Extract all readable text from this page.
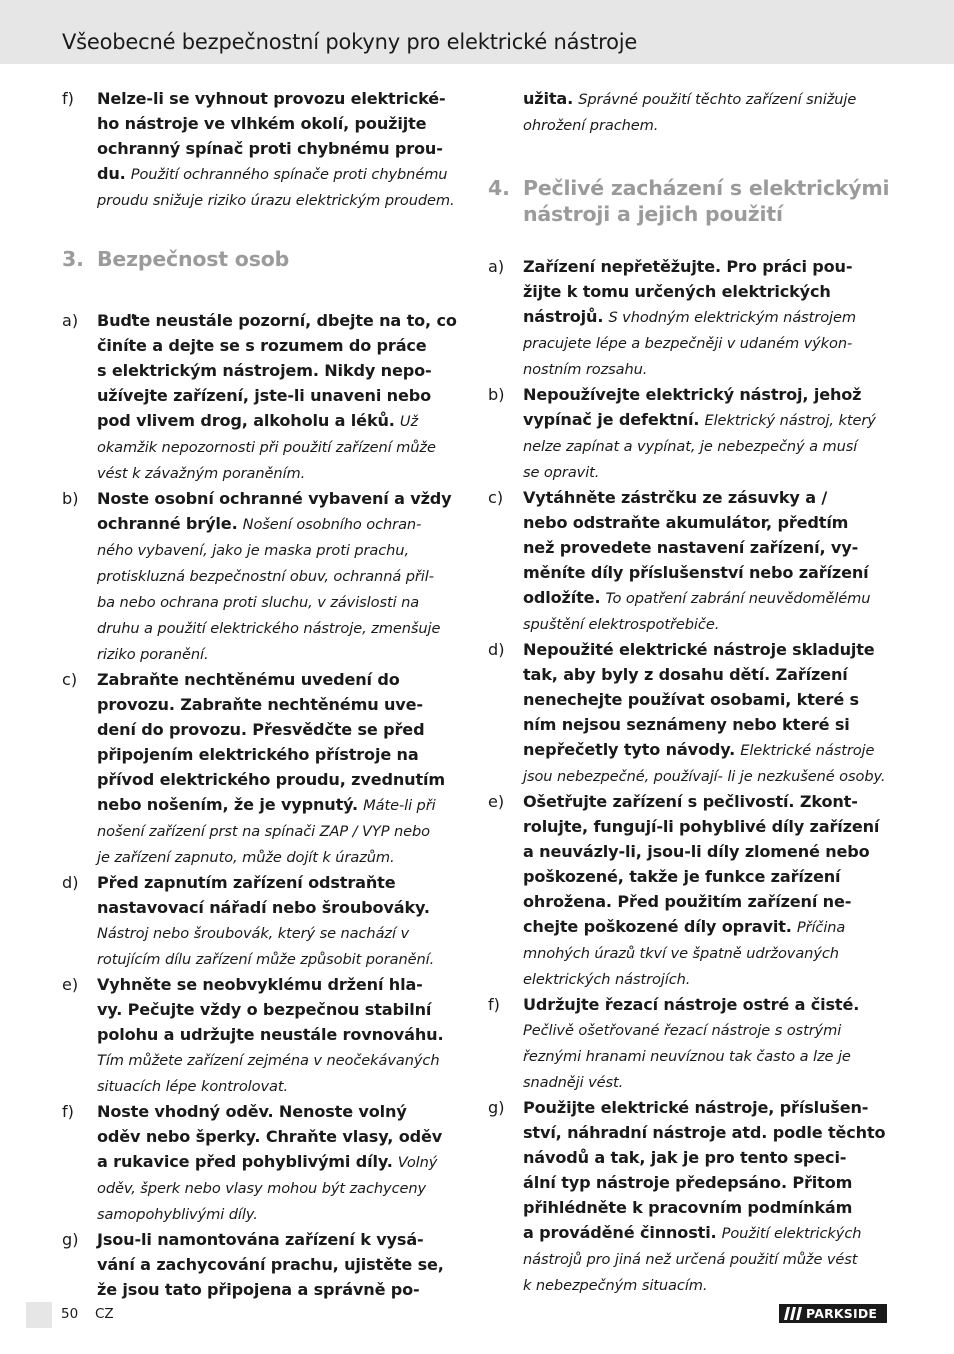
Všeobecné bezpečnostní pokyny pro elektrické nástroje
f) Nelze-li se vyhnout provozu elektrické-
ho nástroje ve vlhkém okolí, použijte
ochranný spínač proti chybnému prou-
du. Použití ochranného spínače proti chybnému
proudu snižuje riziko úrazu elektrickým proudem.
3. Bezpečnost osob
a) Buďte neustále pozorní, dbejte na to, co
činíte a dejte se s rozumem do práce
s elektrickým nástrojem. Nikdy nepo-
užívejte zařízení, jste-li unaveni nebo
pod vlivem drog, alkoholu a léků. Už
okamžik nepozornosti při použití zařízení může
vést k závažným poraněním.
b) Noste osobní ochranné vybavení a vždy
ochranné brýle. Nošení osobního ochran-
ného vybavení, jako je maska proti prachu,
protiskluzná bezpečnostní obuv, ochranná přil-
ba nebo ochrana proti sluchu, v závislosti na
druhu a použití elektrického nástroje, zmenšuje
riziko poranění.
c) Zabraňte nechtěnému uvedení do
provozu. Zabraňte nechtěnému uve-
dení do provozu. Přesvědčte se před
připojením elektrického přístroje na
přívod elektrického proudu, zvednutím
nebo nošením, že je vypnutý. Máte-li při
nošení zařízení prst na spínači ZAP / VYP nebo
je zařízení zapnuto, může dojít k úrazům.
d) Před zapnutím zařízení odstraňte
nastavovací nářadí nebo šroubováky.
Nástroj nebo šroubovák, který se nachází v
rotujícím dílu zařízení může způsobit poranění.
e) Vyhněte se neobvyklému držení hla-
vy. Pečujte vždy o bezpečnou stabilní
polohu a udržujte neustále rovnováhu.
Tím můžete zařízení zejména v neočekávaných
situacích lépe kontrolovat.
f) Noste vhodný oděv. Nenoste volný
oděv nebo šperky. Chraňte vlasy, oděv
a rukavice před pohyblivými díly. Volný
oděv, šperk nebo vlasy mohou být zachyceny
samopohyblivými díly.
g) Jsou-li namontována zařízení k vysá-
vání a zachycování prachu, ujistěte se,
že jsou tato připojena a správně po-
užita. Správné použití těchto zařízení snižuje
ohrožení prachem.
4. Pečlivé zacházení s elektrickými
nástroji a jejich použití
a) Zařízení nepřetěžujte. Pro práci pou-
žijte k tomu určených elektrických
nástrojů. S vhodným elektrickým nástrojem
pracujete lépe a bezpečněji v udaném výkon-
nostním rozsahu.
b) Nepoužívejte elektrický nástroj, jehož
vypínač je defektní. Elektrický nástroj, který
nelze zapínat a vypínat, je nebezpečný a musí
se opravit.
c) Vytáhněte zástrčku ze zásuvky a /
nebo odstraňte akumulátor, předtím
než provedete nastavení zařízení, vy-
měníte díly příslušenství nebo zařízení
odložíte. To opatření zabrání neuvědomělému
spuštění elektrospotřebiče.
d) Nepoužité elektrické nástroje skladujte
tak, aby byly z dosahu dětí. Zařízení
nenechejte používat osobami, které s
ním nejsou seznámeny nebo které si
nepřečetly tyto návody. Elektrické nástroje
jsou nebezpečné, používají- li je nezkušené osoby.
e) Ošetřujte zařízení s pečlivostí. Zkont-
rolujte, fungují-li pohyblivé díly zařízení
a neuvázly-li, jsou-li díly zlomené nebo
poškozené, takže je funkce zařízení
ohrožena. Před použitím zařízení ne-
chejte poškozené díly opravit. Příčina
mnohých úrazů tkví ve špatně udržovaných
elektrických nástrojích.
f) Udržujte řezací nástroje ostré a čisté.
Pečlivě ošetřované řezací nástroje s ostrými
řeznými hranami neuvíznou tak často a lze je
snadněji vést.
g) Použijte elektrické nástroje, příslušen-
ství, náhradní nástroje atd. podle těchto
návodů a tak, jak je pro tento speci-
ální typ nástroje předepsáno. Přitom
přihlédněte k pracovním podmínkám
a prováděné činnosti. Použití elektrických
nástrojů pro jiná než určená použití může vést
k nebezpečným situacím.
50 CZ	PARKSIDE
